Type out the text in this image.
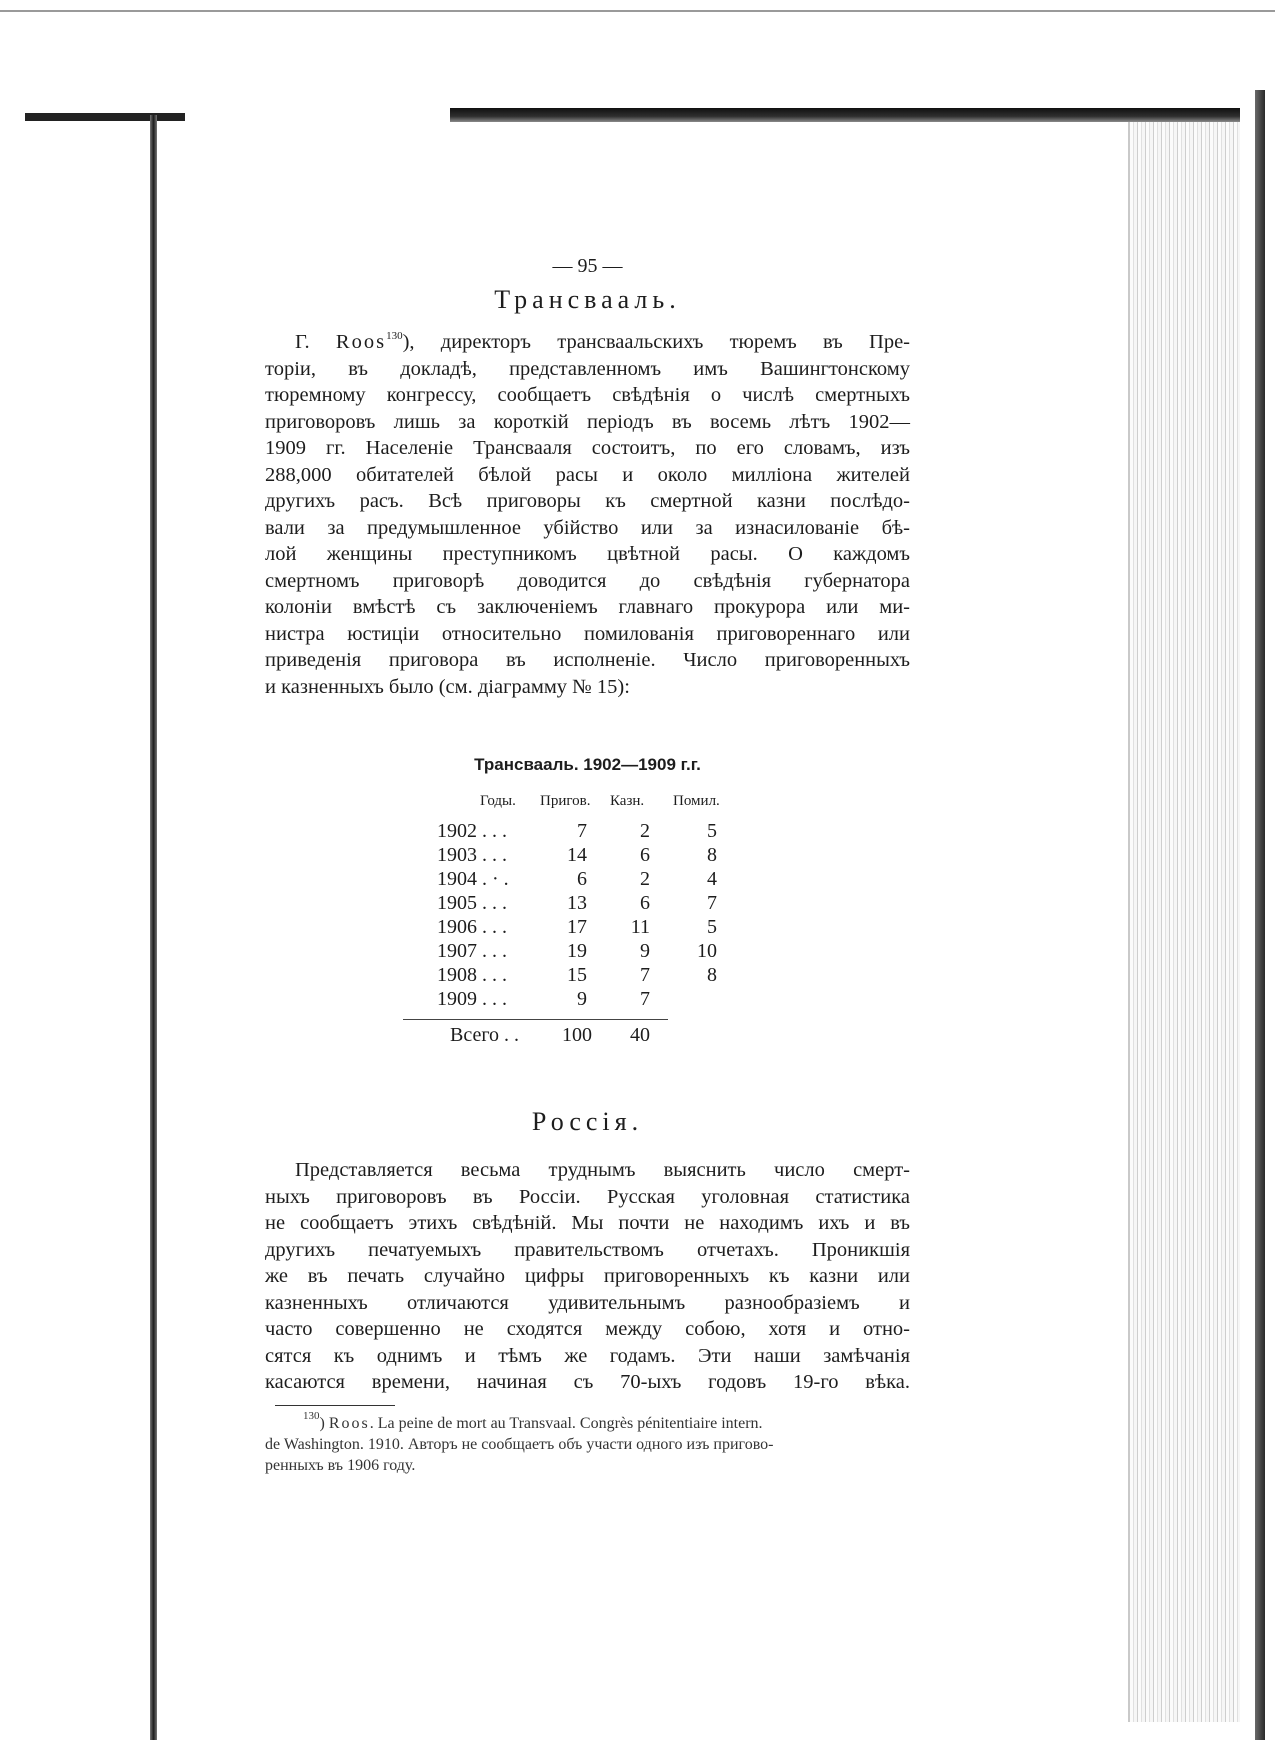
— 95 —
Трансвааль.
Г. Roos$^{130}$), директоръ трансваальскихъ тюремъ въ Пре-
торіи, въ докладѣ, представленномъ имъ Вашингтонскому
тюремному конгрессу, сообщаетъ свѣдѣнія о числѣ смертныхъ
приговоровъ лишь за короткій періодъ въ восемь лѣтъ 1902—
1909 гг. Населеніе Трансвааля состоитъ, по его словамъ, изъ
288,000 обитателей бѣлой расы и около милліона жителей
другихъ расъ. Всѣ приговоры къ смертной казни послѣдо-
вали за предумышленное убійство или за изнасилованіе бѣ-
лой женщины преступникомъ цвѣтной расы. О каждомъ
смертномъ приговорѣ доводится до свѣдѣнія губернатора
колоніи вмѣстѣ съ заключеніемъ главнаго прокурора или ми-
нистра юстиціи относительно помилованія приговореннаго или
приведенія приговора въ исполненіе. Число приговоренныхъ
и казненныхъ было (см. діаграмму № 15):
Трансвааль. 1902—1909 г.г.
Годы. Пригов. Казн. Помил.
1902 . . .	7	2	5
1903 . . .	14	6	8
1904 . · .	6	2	4
1905 . . .	13	6	7
1906 . . .	17	11	5
1907 . . .	19	9	10
1908 . . .	15	7	8
1909 . . .	9	7
Всего . .	100	40
Россія.
Представляется весьма труднымъ выяснить число смерт-
ныхъ приговоровъ въ Россіи. Русская уголовная статистика
не сообщаетъ этихъ свѣдѣній. Мы почти не находимъ ихъ и въ
другихъ печатуемыхъ правительствомъ отчетахъ. Проникшія
же въ печать случайно цифры приговоренныхъ къ казни или
казненныхъ отличаются удивительнымъ разнообразіемъ и
часто совершенно не сходятся между собою, хотя и отно-
сятся къ однимъ и тѣмъ же годамъ. Эти наши замѣчанія
касаются времени, начиная съ 70-ыхъ годовъ 19-го вѣка.
$^{130}$) Roos. La peine de mort au Transvaal. Congrès pénitentiaire intern.
de Washington. 1910. Авторъ не сообщаетъ объ участи одного изъ пригово-
ренныхъ въ 1906 году.
